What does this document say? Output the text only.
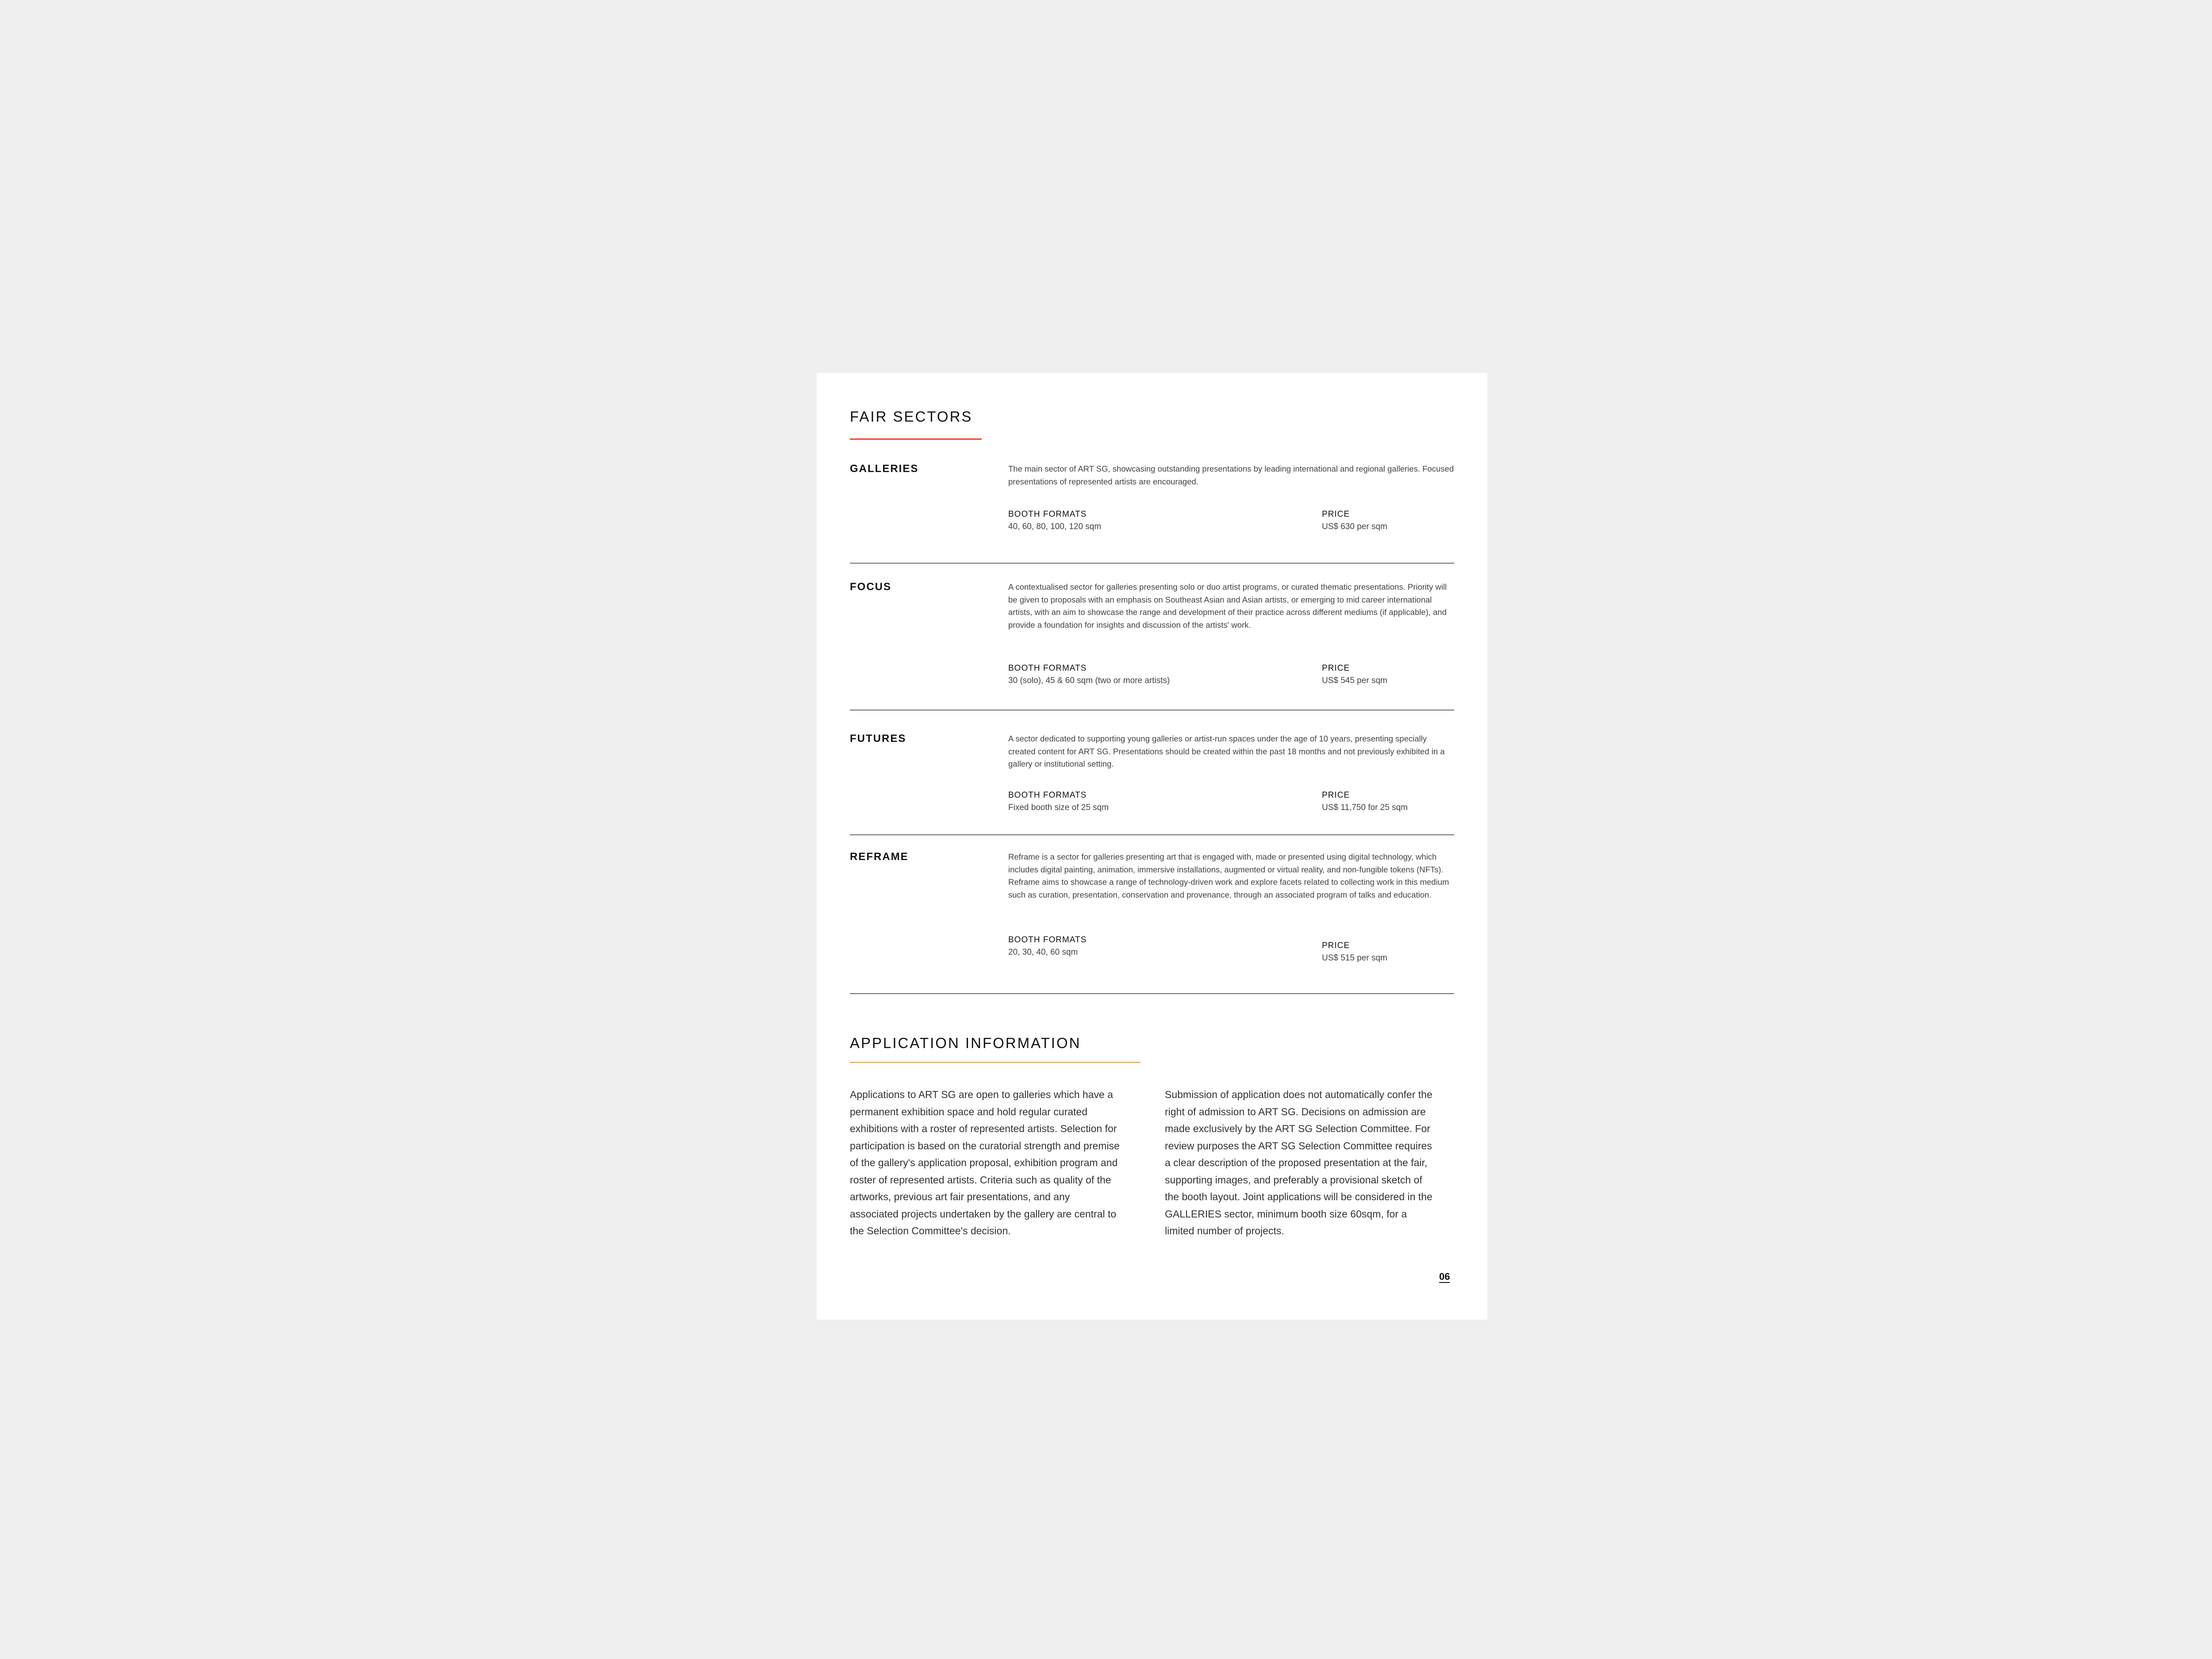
FAIR SECTORS
GALLERIES	The main sector of ART SG, showcasing outstanding presentations by leading international and regional galleries. Focused presentations of represented artists are encouraged.
BOOTH FORMATS
40, 60, 80, 100, 120 sqm
PRICE
US$ 630 per sqm
FOCUS	A contextualised sector for galleries presenting solo or duo artist programs, or curated thematic presentations. Priority will be given to proposals with an emphasis on Southeast Asian and Asian artists, or emerging to mid career international artists, with an aim to showcase the range and development of their practice across different mediums (if applicable), and provide a foundation for insights and discussion of the artists' work.
BOOTH FORMATS
30 (solo), 45 & 60 sqm (two or more artists)
PRICE
US$ 545 per sqm
FUTURES	A sector dedicated to supporting young galleries or artist-run spaces under the age of 10 years, presenting specially created content for ART SG. Presentations should be created within the past 18 months and not previously exhibited in a gallery or institutional setting.
BOOTH FORMATS
Fixed booth size of 25 sqm
PRICE
US$ 11,750 for 25 sqm
REFRAME	Reframe is a sector for galleries presenting art that is engaged with, made or presented using digital technology, which includes digital painting, animation, immersive installations, augmented or virtual reality, and non-fungible tokens (NFTs). Reframe aims to showcase a range of technology-driven work and explore facets related to collecting work in this medium such as curation, presentation, conservation and provenance, through an associated program of talks and education.
BOOTH FORMATS
20, 30, 40, 60 sqm
PRICE
US$ 515 per sqm
APPLICATION INFORMATION
Applications to ART SG are open to galleries which have a permanent exhibition space and hold regular curated exhibitions with a roster of represented artists. Selection for participation is based on the curatorial strength and premise of the gallery's application proposal, exhibition program and roster of represented artists. Criteria such as quality of the artworks, previous art fair presentations, and any associated projects undertaken by the gallery are central to the Selection Committee's decision.
Submission of application does not automatically confer the right of admission to ART SG. Decisions on admission are made exclusively by the ART SG Selection Committee. For review purposes the ART SG Selection Committee requires a clear description of the proposed presentation at the fair, supporting images, and preferably a provisional sketch of the booth layout. Joint applications will be considered in the GALLERIES sector, minimum booth size 60sqm, for a limited number of projects.
06
